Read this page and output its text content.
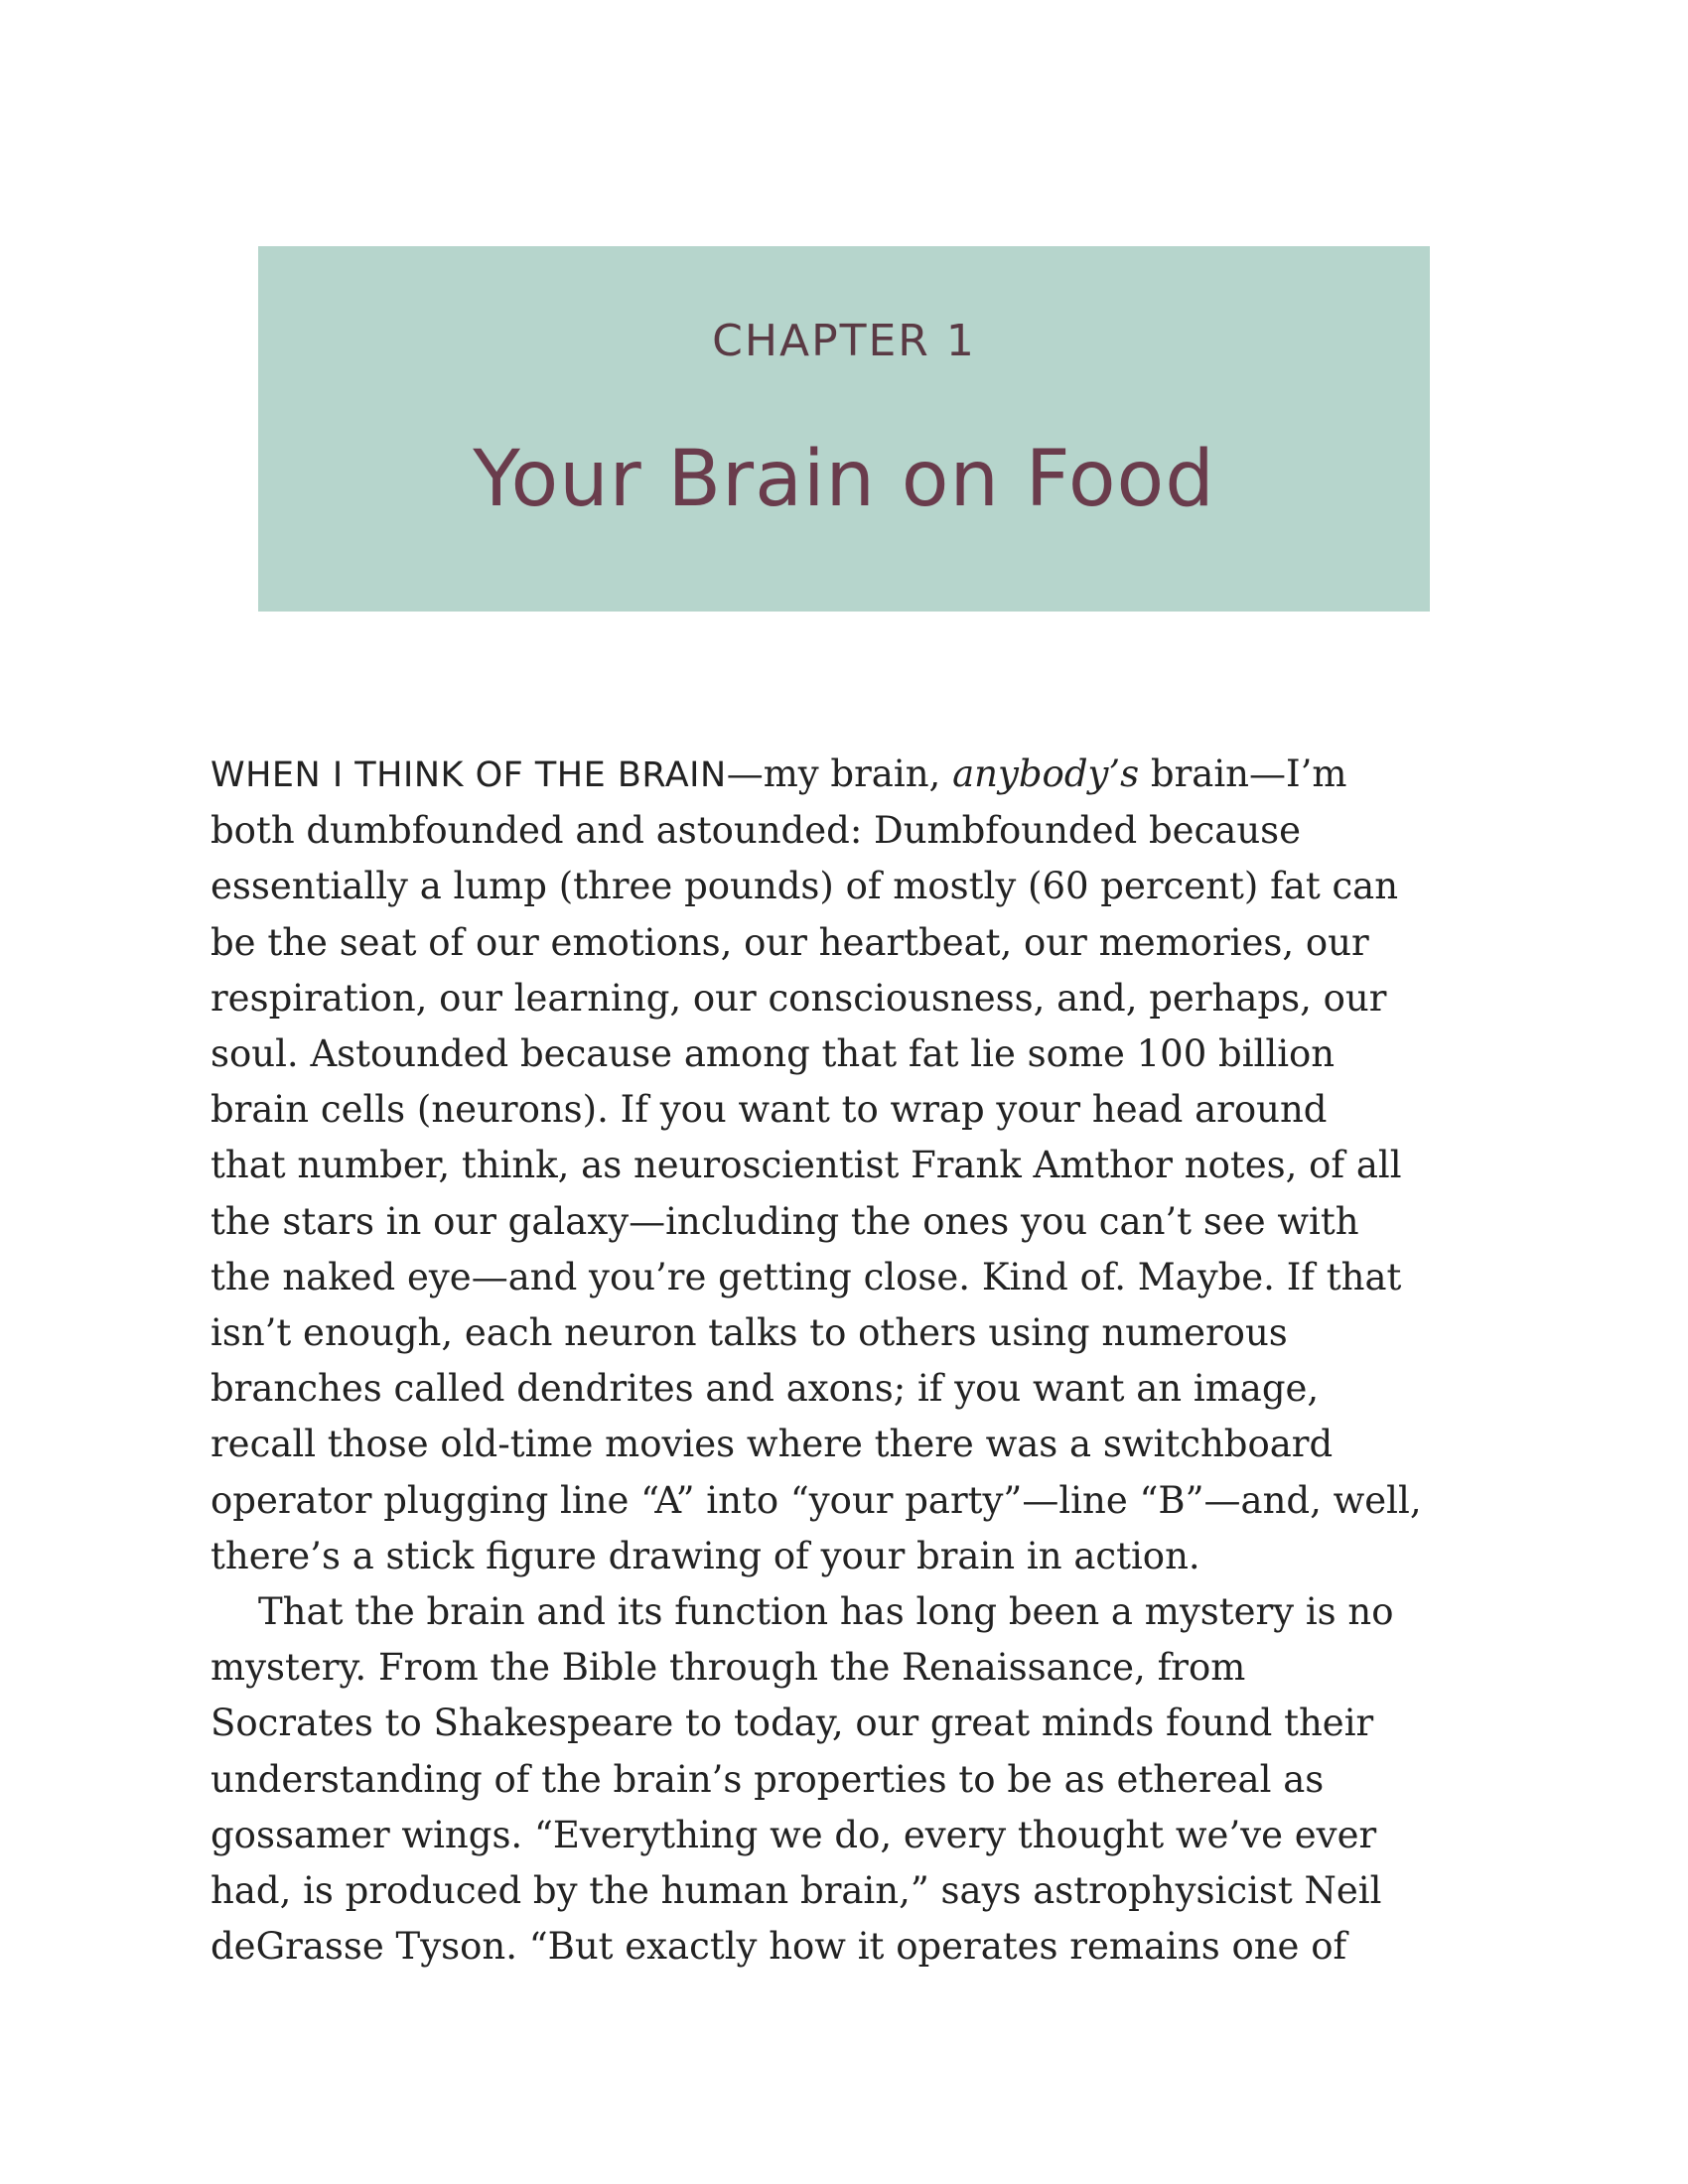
CHAPTER 1
Your Brain on Food
WHEN I THINK OF THE BRAIN—my brain, anybody’s brain—I’m
both dumbfounded and astounded: Dumbfounded because
essentially a lump (three pounds) of mostly (60 percent) fat can
be the seat of our emotions, our heartbeat, our memories, our
respiration, our learning, our consciousness, and, perhaps, our
soul. Astounded because among that fat lie some 100 billion
brain cells (neurons). If you want to wrap your head around
that number, think, as neuroscientist Frank Amthor notes, of all
the stars in our galaxy—including the ones you can’t see with
the naked eye—and you’re getting close. Kind of. Maybe. If that
isn’t enough, each neuron talks to others using numerous
branches called dendrites and axons; if you want an image,
recall those old-time movies where there was a switchboard
operator plugging line “A” into “your party”—line “B”—and, well,
there’s a stick figure drawing of your brain in action.
That the brain and its function has long been a mystery is no
mystery. From the Bible through the Renaissance, from
Socrates to Shakespeare to today, our great minds found their
understanding of the brain’s properties to be as ethereal as
gossamer wings. “Everything we do, every thought we’ve ever
had, is produced by the human brain,” says astrophysicist Neil
deGrasse Tyson. “But exactly how it operates remains one of
